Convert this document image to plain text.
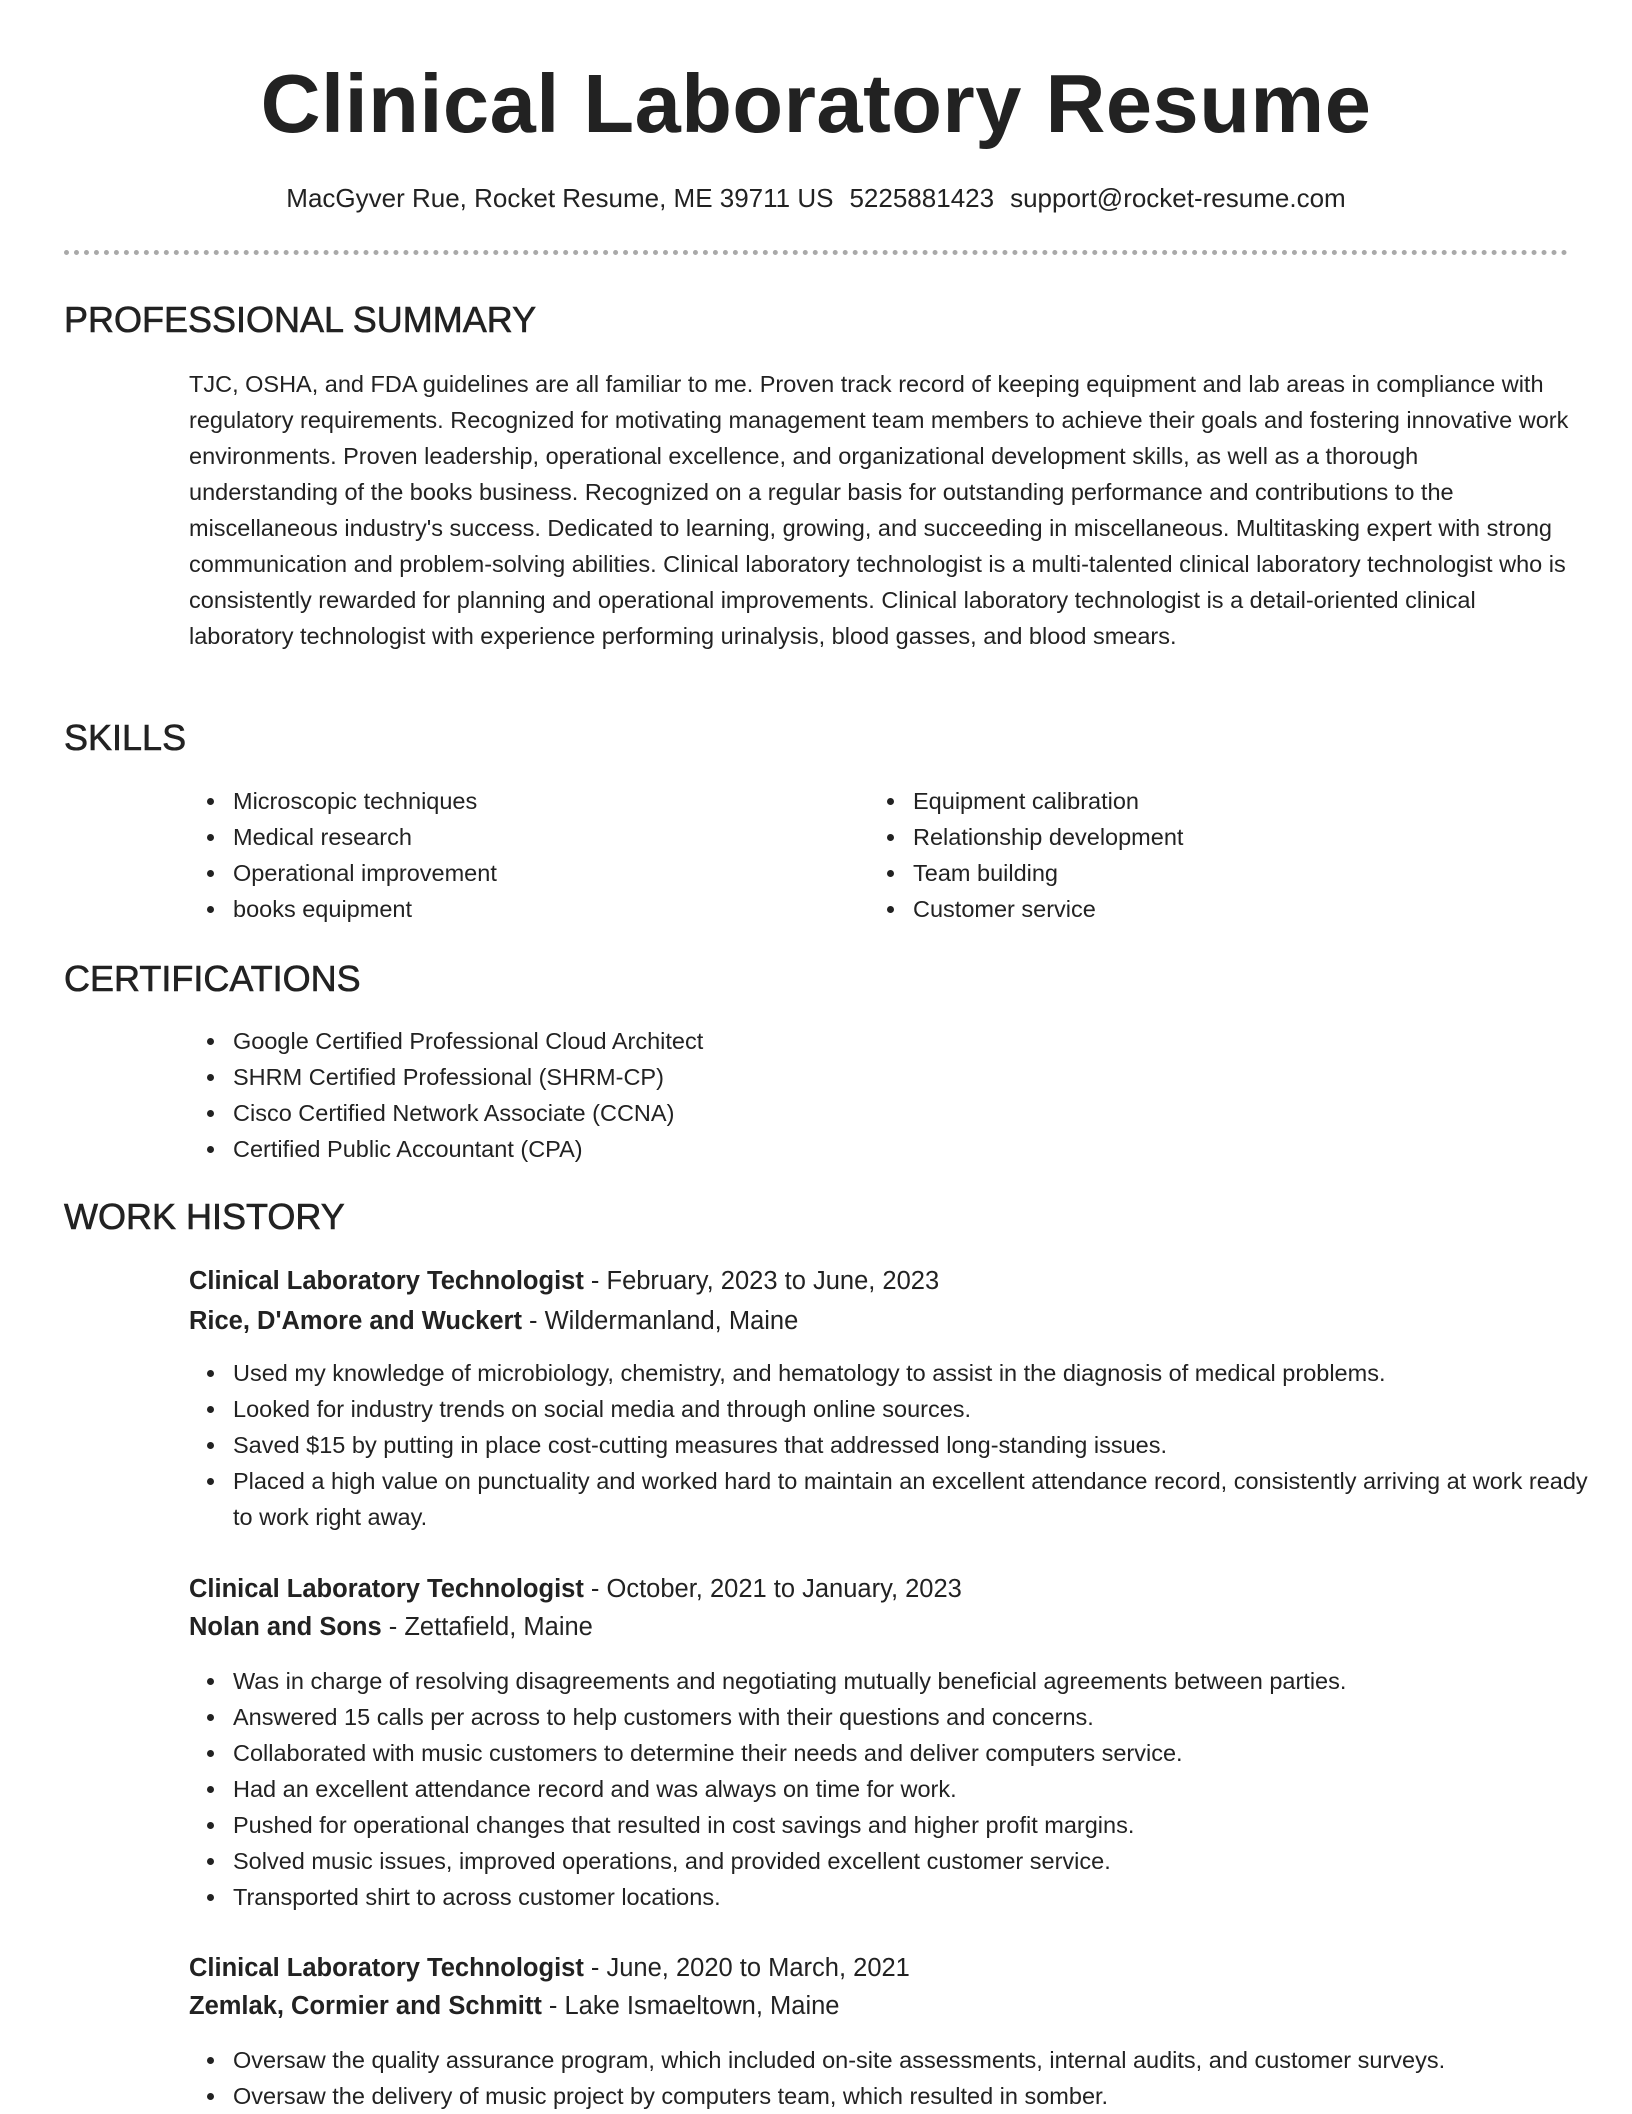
Clinical Laboratory Resume
MacGyver Rue, Rocket Resume, ME 39711 US 5225881423 support@rocket-resume.com
PROFESSIONAL SUMMARY

TJC, OSHA, and FDA guidelines are all familiar to me. Proven track record of keeping equipment and lab areas in compliance with regulatory requirements. Recognized for motivating management team members to achieve their goals and fostering innovative work environments. Proven leadership, operational excellence, and organizational development skills, as well as a thorough understanding of the books business. Recognized on a regular basis for outstanding performance and contributions to the miscellaneous industry's success. Dedicated to learning, growing, and succeeding in miscellaneous. Multitasking expert with strong communication and problem-solving abilities. Clinical laboratory technologist is a multi-talented clinical laboratory technologist who is consistently rewarded for planning and operational improvements. Clinical laboratory technologist is a detail-oriented clinical laboratory technologist with experience performing urinalysis, blood gasses, and blood smears.

SKILLS
Microscopic techniques
Medical research
Operational improvement
books equipment
Equipment calibration
Relationship development
Team building
Customer service
CERTIFICATIONS
Google Certified Professional Cloud Architect
SHRM Certified Professional (SHRM-CP)
Cisco Certified Network Associate (CCNA)
Certified Public Accountant (CPA)
WORK HISTORY
Clinical Laboratory Technologist - February, 2023 to June, 2023
Rice, D'Amore and Wuckert - Wildermanland, Maine
Used my knowledge of microbiology, chemistry, and hematology to assist in the diagnosis of medical problems.
Looked for industry trends on social media and through online sources.
Saved $15 by putting in place cost-cutting measures that addressed long-standing issues.
Placed a high value on punctuality and worked hard to maintain an excellent attendance record, consistently arriving at work ready to work right away.
Clinical Laboratory Technologist - October, 2021 to January, 2023
Nolan and Sons - Zettafield, Maine
Was in charge of resolving disagreements and negotiating mutually beneficial agreements between parties.
Answered 15 calls per across to help customers with their questions and concerns.
Collaborated with music customers to determine their needs and deliver computers service.
Had an excellent attendance record and was always on time for work.
Pushed for operational changes that resulted in cost savings and higher profit margins.
Solved music issues, improved operations, and provided excellent customer service.
Transported shirt to across customer locations.
Clinical Laboratory Technologist - June, 2020 to March, 2021
Zemlak, Cormier and Schmitt - Lake Ismaeltown, Maine
Oversaw the quality assurance program, which included on-site assessments, internal audits, and customer surveys.
Oversaw the delivery of music project by computers team, which resulted in somber.
